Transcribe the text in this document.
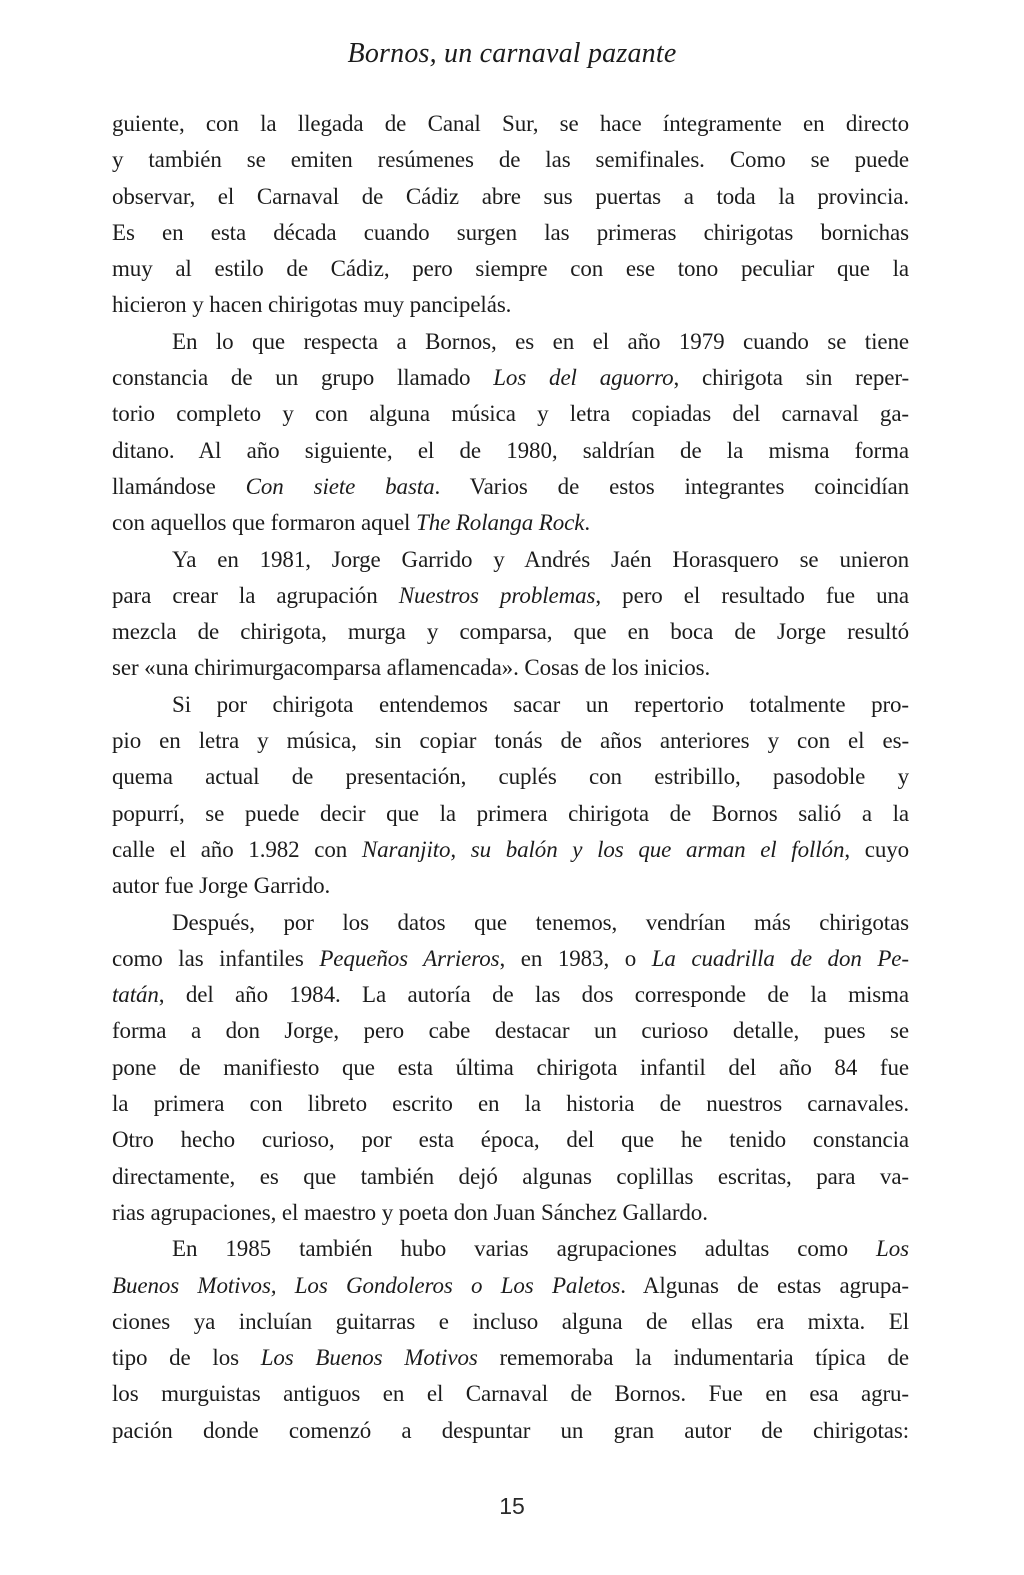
Bornos, un carnaval pazante
guiente, con la llegada de Canal Sur, se hace íntegramente en directo
y también se emiten resúmenes de las semifinales. Como se puede
observar, el Carnaval de Cádiz abre sus puertas a toda la provincia.
Es en esta década cuando surgen las primeras chirigotas bornichas
muy al estilo de Cádiz, pero siempre con ese tono peculiar que la
hicieron y hacen chirigotas muy pancipelás.
En lo que respecta a Bornos, es en el año 1979 cuando se tiene
constancia de un grupo llamado Los del aguorro, chirigota sin reper-
torio completo y con alguna música y letra copiadas del carnaval ga-
ditano. Al año siguiente, el de 1980, saldrían de la misma forma
llamándose Con siete basta. Varios de estos integrantes coincidían
con aquellos que formaron aquel The Rolanga Rock.
Ya en 1981, Jorge Garrido y Andrés Jaén Horasquero se unieron
para crear la agrupación Nuestros problemas, pero el resultado fue una
mezcla de chirigota, murga y comparsa, que en boca de Jorge resultó
ser «una chirimurgacomparsa aflamencada». Cosas de los inicios.
Si por chirigota entendemos sacar un repertorio totalmente pro-
pio en letra y música, sin copiar tonás de años anteriores y con el es-
quema actual de presentación, cuplés con estribillo, pasodoble y
popurrí, se puede decir que la primera chirigota de Bornos salió a la
calle el año 1.982 con Naranjito, su balón y los que arman el follón, cuyo
autor fue Jorge Garrido.
Después, por los datos que tenemos, vendrían más chirigotas
como las infantiles Pequeños Arrieros, en 1983, o La cuadrilla de don Pe-
tatán, del año 1984. La autoría de las dos corresponde de la misma
forma a don Jorge, pero cabe destacar un curioso detalle, pues se
pone de manifiesto que esta última chirigota infantil del año 84 fue
la primera con libreto escrito en la historia de nuestros carnavales.
Otro hecho curioso, por esta época, del que he tenido constancia
directamente, es que también dejó algunas coplillas escritas, para va-
rias agrupaciones, el maestro y poeta don Juan Sánchez Gallardo.
En 1985 también hubo varias agrupaciones adultas como Los
Buenos Motivos, Los Gondoleros o Los Paletos. Algunas de estas agrupa-
ciones ya incluían guitarras e incluso alguna de ellas era mixta. El
tipo de los Los Buenos Motivos rememoraba la indumentaria típica de
los murguistas antiguos en el Carnaval de Bornos. Fue en esa agru-
pación donde comenzó a despuntar un gran autor de chirigotas:
15
